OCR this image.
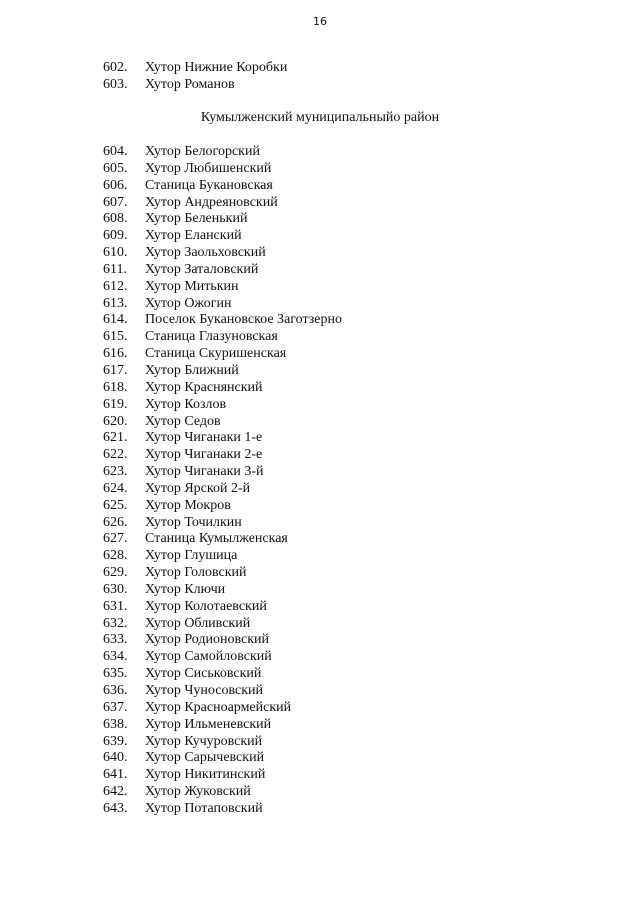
16
602. Хутор Нижние Коробки
603. Хутор Романов
Кумылженский муниципальныйо район
604. Хутор Белогорский
605. Хутор Любишенский
606. Станица Букановская
607. Хутор Андреяновский
608. Хутор Беленький
609. Хутор Еланский
610. Хутор Заольховский
611. Хутор Заталовский
612. Хутор Митькин
613. Хутор Ожогин
614. Поселок Букановское Заготзерно
615. Станица Глазуновская
616. Станица Скуришенская
617. Хутор Ближний
618. Хутор Краснянский
619. Хутор Козлов
620. Хутор Седов
621. Хутор Чиганаки 1-е
622. Хутор Чиганаки 2-е
623. Хутор Чиганаки 3-й
624. Хутор Ярской 2-й
625. Хутор Мокров
626. Хутор Точилкин
627. Станица Кумылженская
628. Хутор Глушица
629. Хутор Головский
630. Хутор Ключи
631. Хутор Колотаевский
632. Хутор Обливский
633. Хутор Родионовский
634. Хутор Самойловский
635. Хутор Сиськовский
636. Хутор Чуносовский
637. Хутор Красноармейский
638. Хутор Ильменевский
639. Хутор Кучуровский
640. Хутор Сарычевский
641. Хутор Никитинский
642. Хутор Жуковский
643. Хутор Потаповский
